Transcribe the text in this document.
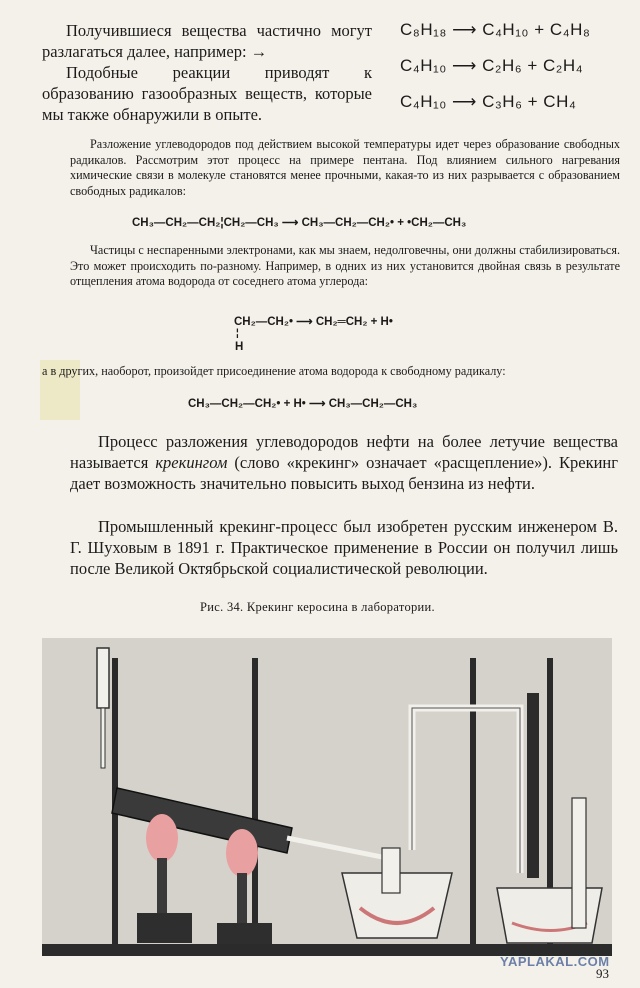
Получившиеся вещества частично могут разлагаться далее, например: →

Подобные реакции приводят к образованию газообразных веществ, которые мы также обнаружили в опыте.

C₈H₁₈ ⟶ C₄H₁₀ + C₄H₈
C₄H₁₀ ⟶ C₂H₆ + C₂H₄
C₄H₁₀ ⟶ C₃H₆ + CH₄

Разложение углеводородов под действием высокой температуры идет через образование свободных радикалов. Рассмотрим этот процесс на примере пентана. Под влиянием сильного нагревания химические связи в молекуле становятся менее прочными, какая-то из них разрывается с образованием свободных радикалов:

CH₃—CH₂—CH₂¦CH₂—CH₃ ⟶ CH₃—CH₂—CH₂• + •CH₂—CH₃

Частицы с неспаренными электронами, как мы знаем, недолговечны, они должны стабилизироваться. Это может происходить по-разному. Например, в одних из них установится двойная связь в результате отщепления атома водорода от соседнего атома углерода:

CH₂—CH₂• ⟶ CH₂═CH₂ + H•
¦
H

а в других, наоборот, произойдет присоединение атома водорода к свободному радикалу:

CH₃—CH₂—CH₂• + H• ⟶ CH₃—CH₂—CH₃

Процесс разложения углеводородов нефти на более летучие вещества называется крекингом (слово «крекинг» означает «расщепление»). Крекинг дает возможность значительно повысить выход бензина из нефти.

Промышленный крекинг-процесс был изобретен русским инженером В. Г. Шуховым в 1891 г. Практическое применение в России он получил лишь после Великой Октябрьской социалистической революции.

Рис. 34. Крекинг керосина в лаборатории.
YAPLAKAL.COM
93
